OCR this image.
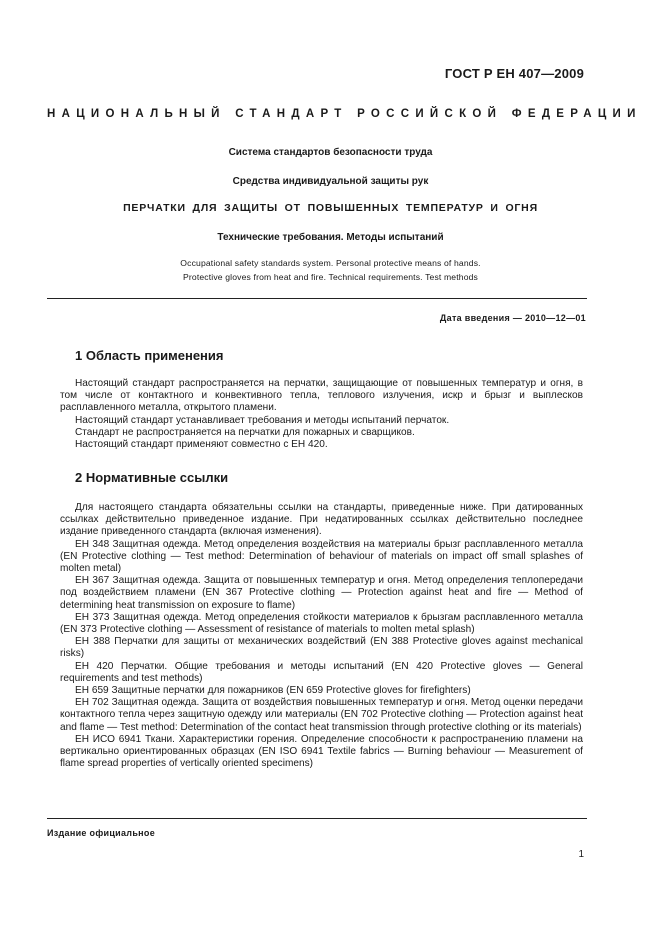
ГОСТ Р ЕН 407—2009
НАЦИОНАЛЬНЫЙ СТАНДАРТ РОССИЙСКОЙ ФЕДЕРАЦИИ
Система стандартов безопасности труда
Средства индивидуальной защиты рук
ПЕРЧАТКИ ДЛЯ ЗАЩИТЫ ОТ ПОВЫШЕННЫХ ТЕМПЕРАТУР И ОГНЯ
Технические требования. Методы испытаний
Occupational safety standards system. Personal protective means of hands.
Protective gloves from heat and fire. Technical requirements. Test methods
Дата введения — 2010—12—01
1 Область применения

Настоящий стандарт распространяется на перчатки, защищающие от повышенных температур и огня, в том числе от контактного и конвективного тепла, теплового излучения, искр и брызг и выплесков расплавленного металла, открытого пламени.

Настоящий стандарт устанавливает требования и методы испытаний перчаток.

Стандарт не распространяется на перчатки для пожарных и сварщиков.

Настоящий стандарт применяют совместно с ЕН 420.

2 Нормативные ссылки

Для настоящего стандарта обязательны ссылки на стандарты, приведенные ниже. При датированных ссылках действительно приведенное издание. При недатированных ссылках действительно последнее издание приведенного стандарта (включая изменения).

ЕН 348 Защитная одежда. Метод определения воздействия на материалы брызг расплавленного металла (EN Protective clothing — Test method: Determination of behaviour of materials on impact off small splashes of molten metal)

ЕН 367 Защитная одежда. Защита от повышенных температур и огня. Метод определения теплопередачи под воздействием пламени (EN 367 Protective clothing — Protection against heat and fire — Method of determining heat transmission on exposure to flame)

ЕН 373 Защитная одежда. Метод определения стойкости материалов к брызгам расплавленного металла (EN 373 Protective clothing — Assessment of resistance of materials to molten metal splash)

ЕН 388 Перчатки для защиты от механических воздействий (EN 388 Protective gloves against mechanical risks)

ЕН 420 Перчатки. Общие требования и методы испытаний (EN 420 Protective gloves — General requirements and test methods)

ЕН 659 Защитные перчатки для пожарников (EN 659 Protective gloves for firefighters)

ЕН 702 Защитная одежда. Защита от воздействия повышенных температур и огня. Метод оценки передачи контактного тепла через защитную одежду или материалы (EN 702 Protective clothing — Protection against heat and flame — Test method: Determination of the contact heat transmission through protective clothing or its materials)

ЕН ИСО 6941 Ткани. Характеристики горения. Определение способности к распространению пламени на вертикально ориентированных образцах (EN ISO 6941 Textile fabrics — Burning behaviour — Measurement of flame spread properties of vertically oriented specimens)

Издание официальное
1
